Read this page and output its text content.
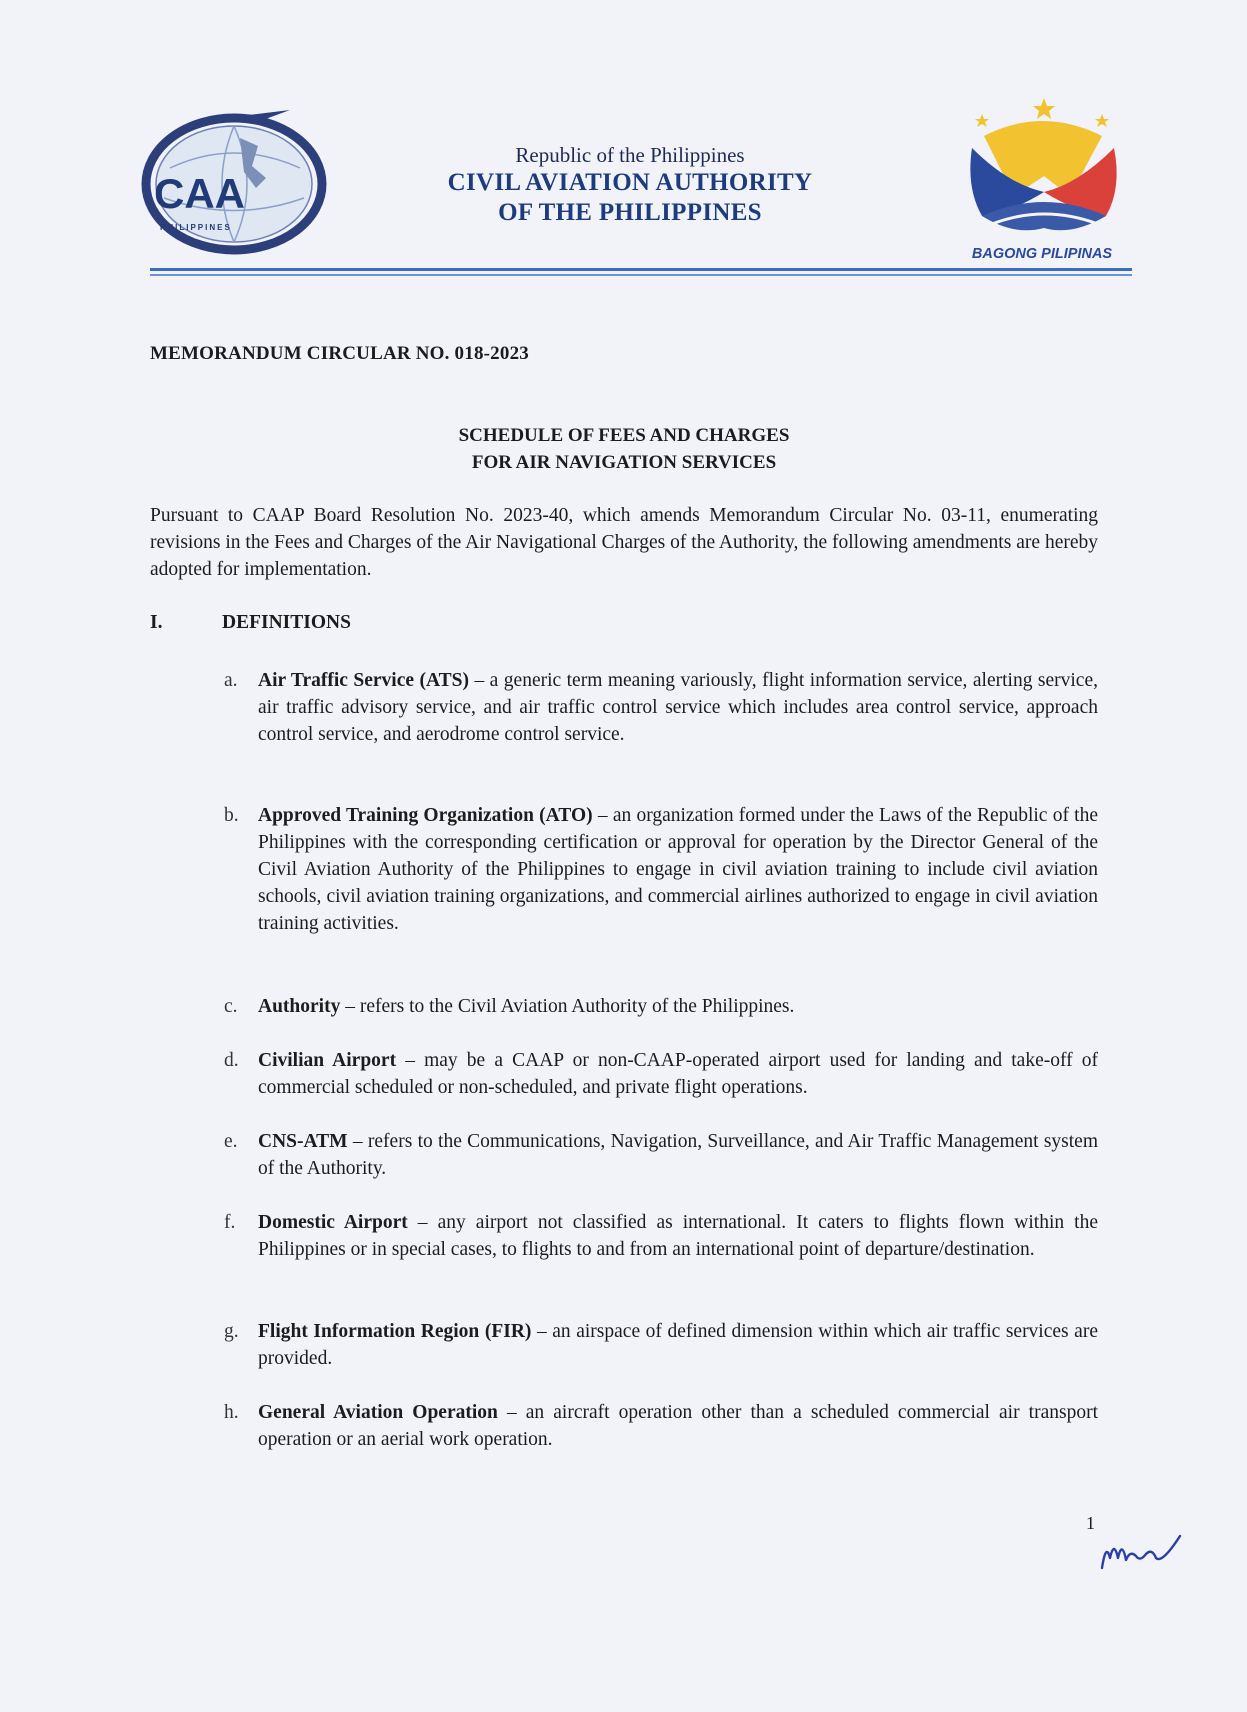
CAA
PHILIPPINES
Republic of the Philippines
CIVIL AVIATION AUTHORITY
OF THE PHILIPPINES
BAGONG PILIPINAS
MEMORANDUM CIRCULAR NO. 018-2023
SCHEDULE OF FEES AND CHARGES
FOR AIR NAVIGATION SERVICES
Pursuant to CAAP Board Resolution No. 2023-40, which amends Memorandum Circular No. 03-11, enumerating revisions in the Fees and Charges of the Air Navigational Charges of the Authority, the following amendments are hereby adopted for implementation.
I.	DEFINITIONS
a.	Air Traffic Service (ATS) – a generic term meaning variously, flight information service, alerting service, air traffic advisory service, and air traffic control service which includes area control service, approach control service, and aerodrome control service.
b. Approved Training Organization (ATO) – an organization formed under the Laws of the Republic of the Philippines with the corresponding certification or approval for operation by the Director General of the Civil Aviation Authority of the Philippines to engage in civil aviation training to include civil aviation schools, civil aviation training organizations, and commercial airlines authorized to engage in civil aviation training activities.
c.	Authority – refers to the Civil Aviation Authority of the Philippines.
d. Civilian Airport – may be a CAAP or non-CAAP-operated airport used for landing and take-off of commercial scheduled or non-scheduled, and private flight operations.
e.	CNS-ATM – refers to the Communications, Navigation, Surveillance, and Air Traffic Management system of the Authority.
f.	Domestic Airport – any airport not classified as international. It caters to flights flown within the Philippines or in special cases, to flights to and from an international point of departure/destination.
g. Flight Information Region (FIR) – an airspace of defined dimension within which air traffic services are provided.
h. General Aviation Operation – an aircraft operation other than a scheduled commercial air transport operation or an aerial work operation.
1
